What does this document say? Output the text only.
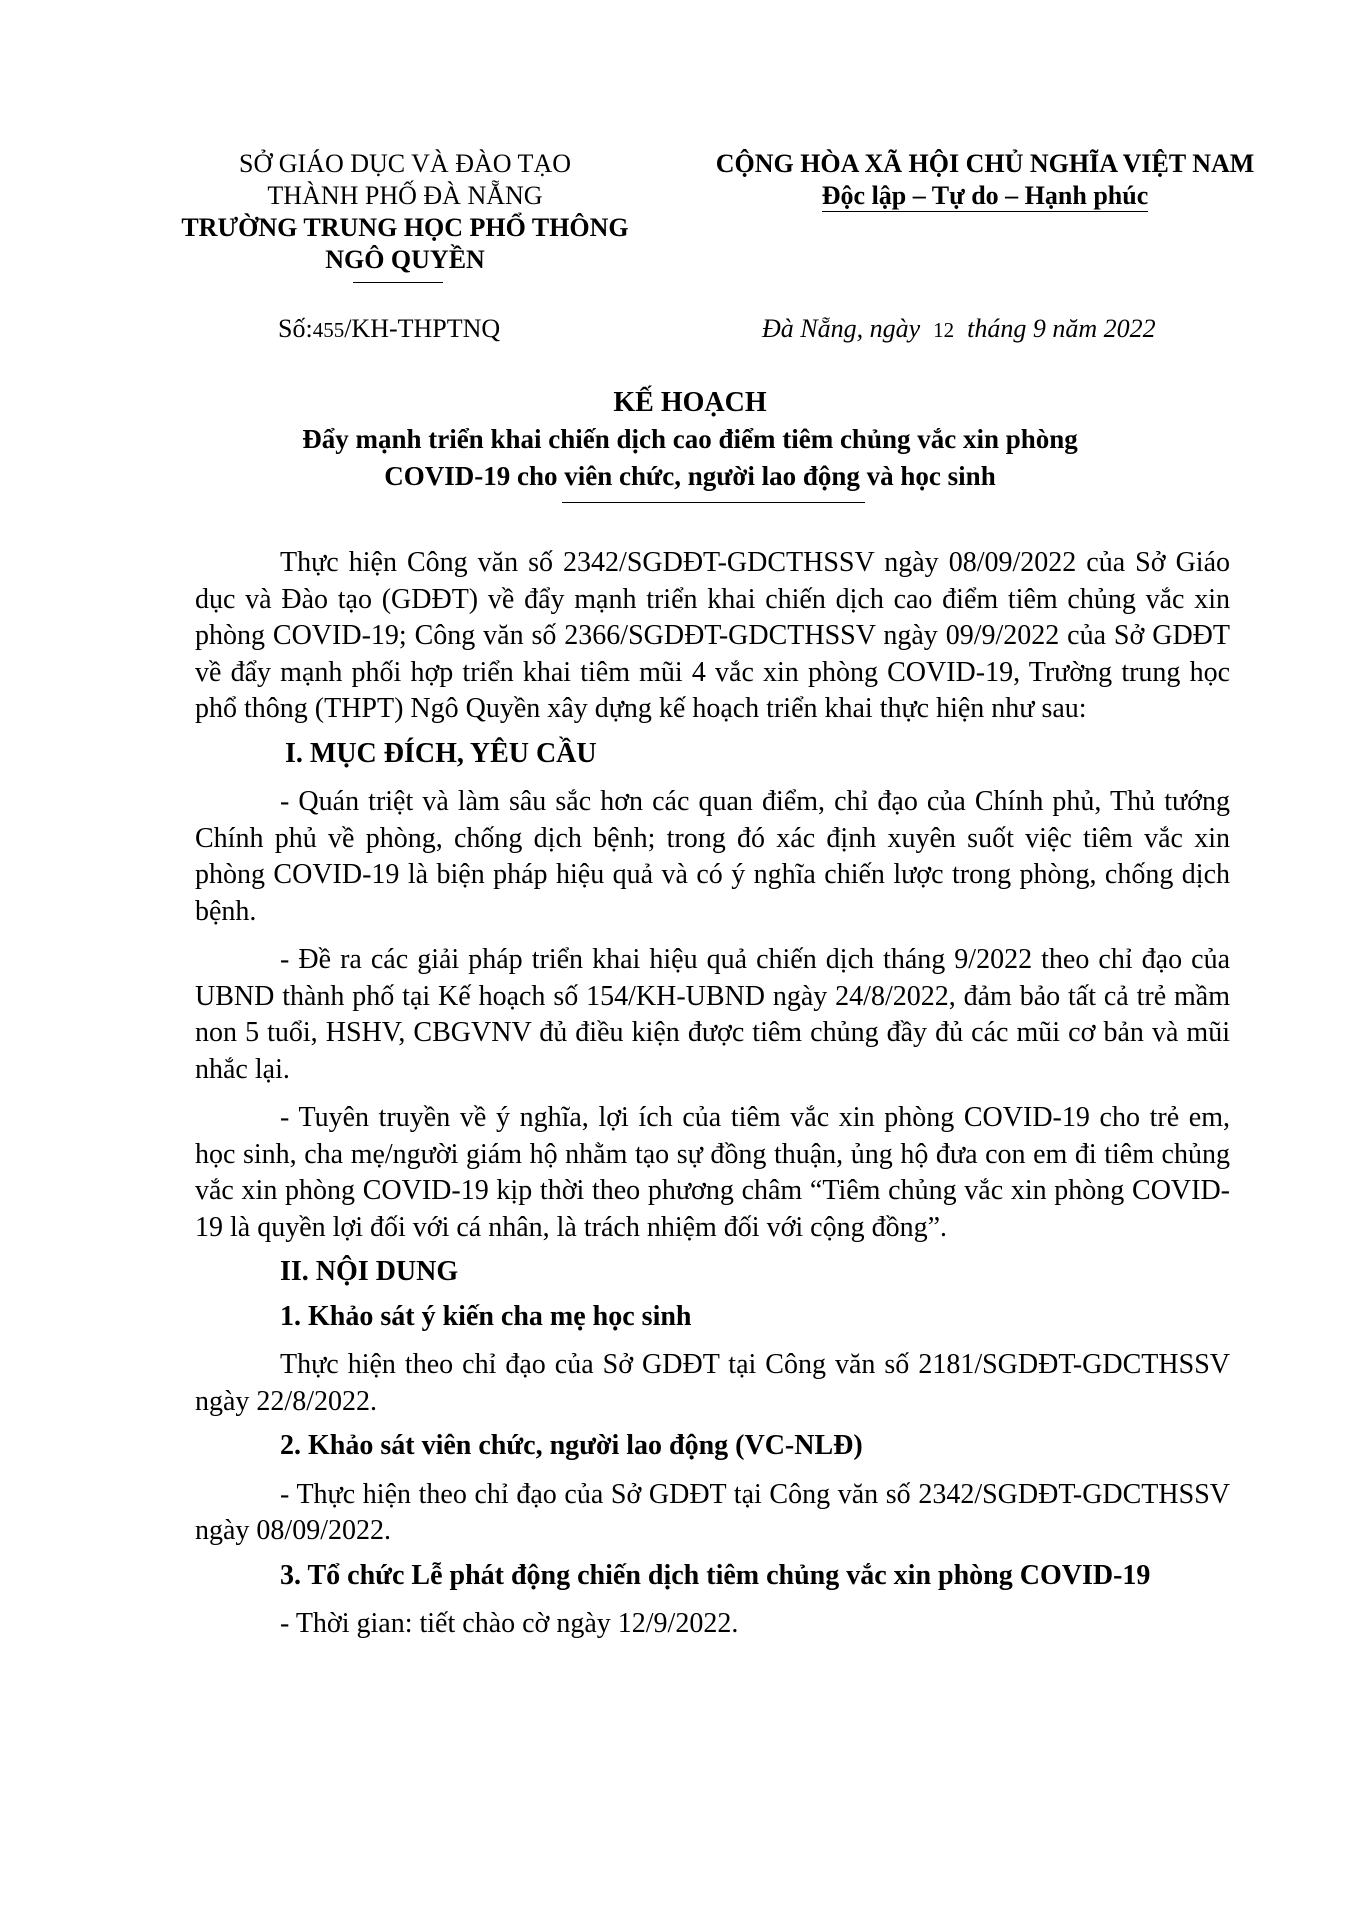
SỞ GIÁO DỤC VÀ ĐÀO TẠO
THÀNH PHỐ ĐÀ NẴNG
TRƯỜNG TRUNG HỌC PHỔ THÔNG
NGÔ QUYỀN
CỘNG HÒA XÃ HỘI CHỦ NGHĨA VIỆT NAM
Độc lập – Tự do – Hạnh phúc
Số:455/KH-THPTNQ	Đà Nẵng, ngày 12 tháng 9 năm 2022
KẾ HOẠCH
Đẩy mạnh triển khai chiến dịch cao điểm tiêm chủng vắc xin phòng
COVID-19 cho viên chức, người lao động và học sinh

Thực hiện Công văn số 2342/SGDĐT-GDCTHSSV ngày 08/09/2022 của Sở Giáo dục và Đào tạo (GDĐT) về đẩy mạnh triển khai chiến dịch cao điểm tiêm chủng vắc xin phòng COVID-19; Công văn số 2366/SGDĐT-GDCTHSSV ngày 09/9/2022 của Sở GDĐT về đẩy mạnh phối hợp triển khai tiêm mũi 4 vắc xin phòng COVID-19, Trường trung học phổ thông (THPT) Ngô Quyền xây dựng kế hoạch triển khai thực hiện như sau:

I. MỤC ĐÍCH, YÊU CẦU

- Quán triệt và làm sâu sắc hơn các quan điểm, chỉ đạo của Chính phủ, Thủ tướng Chính phủ về phòng, chống dịch bệnh; trong đó xác định xuyên suốt việc tiêm vắc xin phòng COVID-19 là biện pháp hiệu quả và có ý nghĩa chiến lược trong phòng, chống dịch bệnh.

- Đề ra các giải pháp triển khai hiệu quả chiến dịch tháng 9/2022 theo chỉ đạo của UBND thành phố tại Kế hoạch số 154/KH-UBND ngày 24/8/2022, đảm bảo tất cả trẻ mầm non 5 tuổi, HSHV, CBGVNV đủ điều kiện được tiêm chủng đầy đủ các mũi cơ bản và mũi nhắc lại.

- Tuyên truyền về ý nghĩa, lợi ích của tiêm vắc xin phòng COVID-19 cho trẻ em, học sinh, cha mẹ/người giám hộ nhằm tạo sự đồng thuận, ủng hộ đưa con em đi tiêm chủng vắc xin phòng COVID-19 kịp thời theo phương châm “Tiêm chủng vắc xin phòng COVID-19 là quyền lợi đối với cá nhân, là trách nhiệm đối với cộng đồng”.

II. NỘI DUNG

1. Khảo sát ý kiến cha mẹ học sinh

Thực hiện theo chỉ đạo của Sở GDĐT tại Công văn số 2181/SGDĐT-GDCTHSSV ngày 22/8/2022.

2. Khảo sát viên chức, người lao động (VC-NLĐ)

- Thực hiện theo chỉ đạo của Sở GDĐT tại Công văn số 2342/SGDĐT-GDCTHSSV ngày 08/09/2022.

3. Tổ chức Lễ phát động chiến dịch tiêm chủng vắc xin phòng COVID-19

- Thời gian: tiết chào cờ ngày 12/9/2022.
